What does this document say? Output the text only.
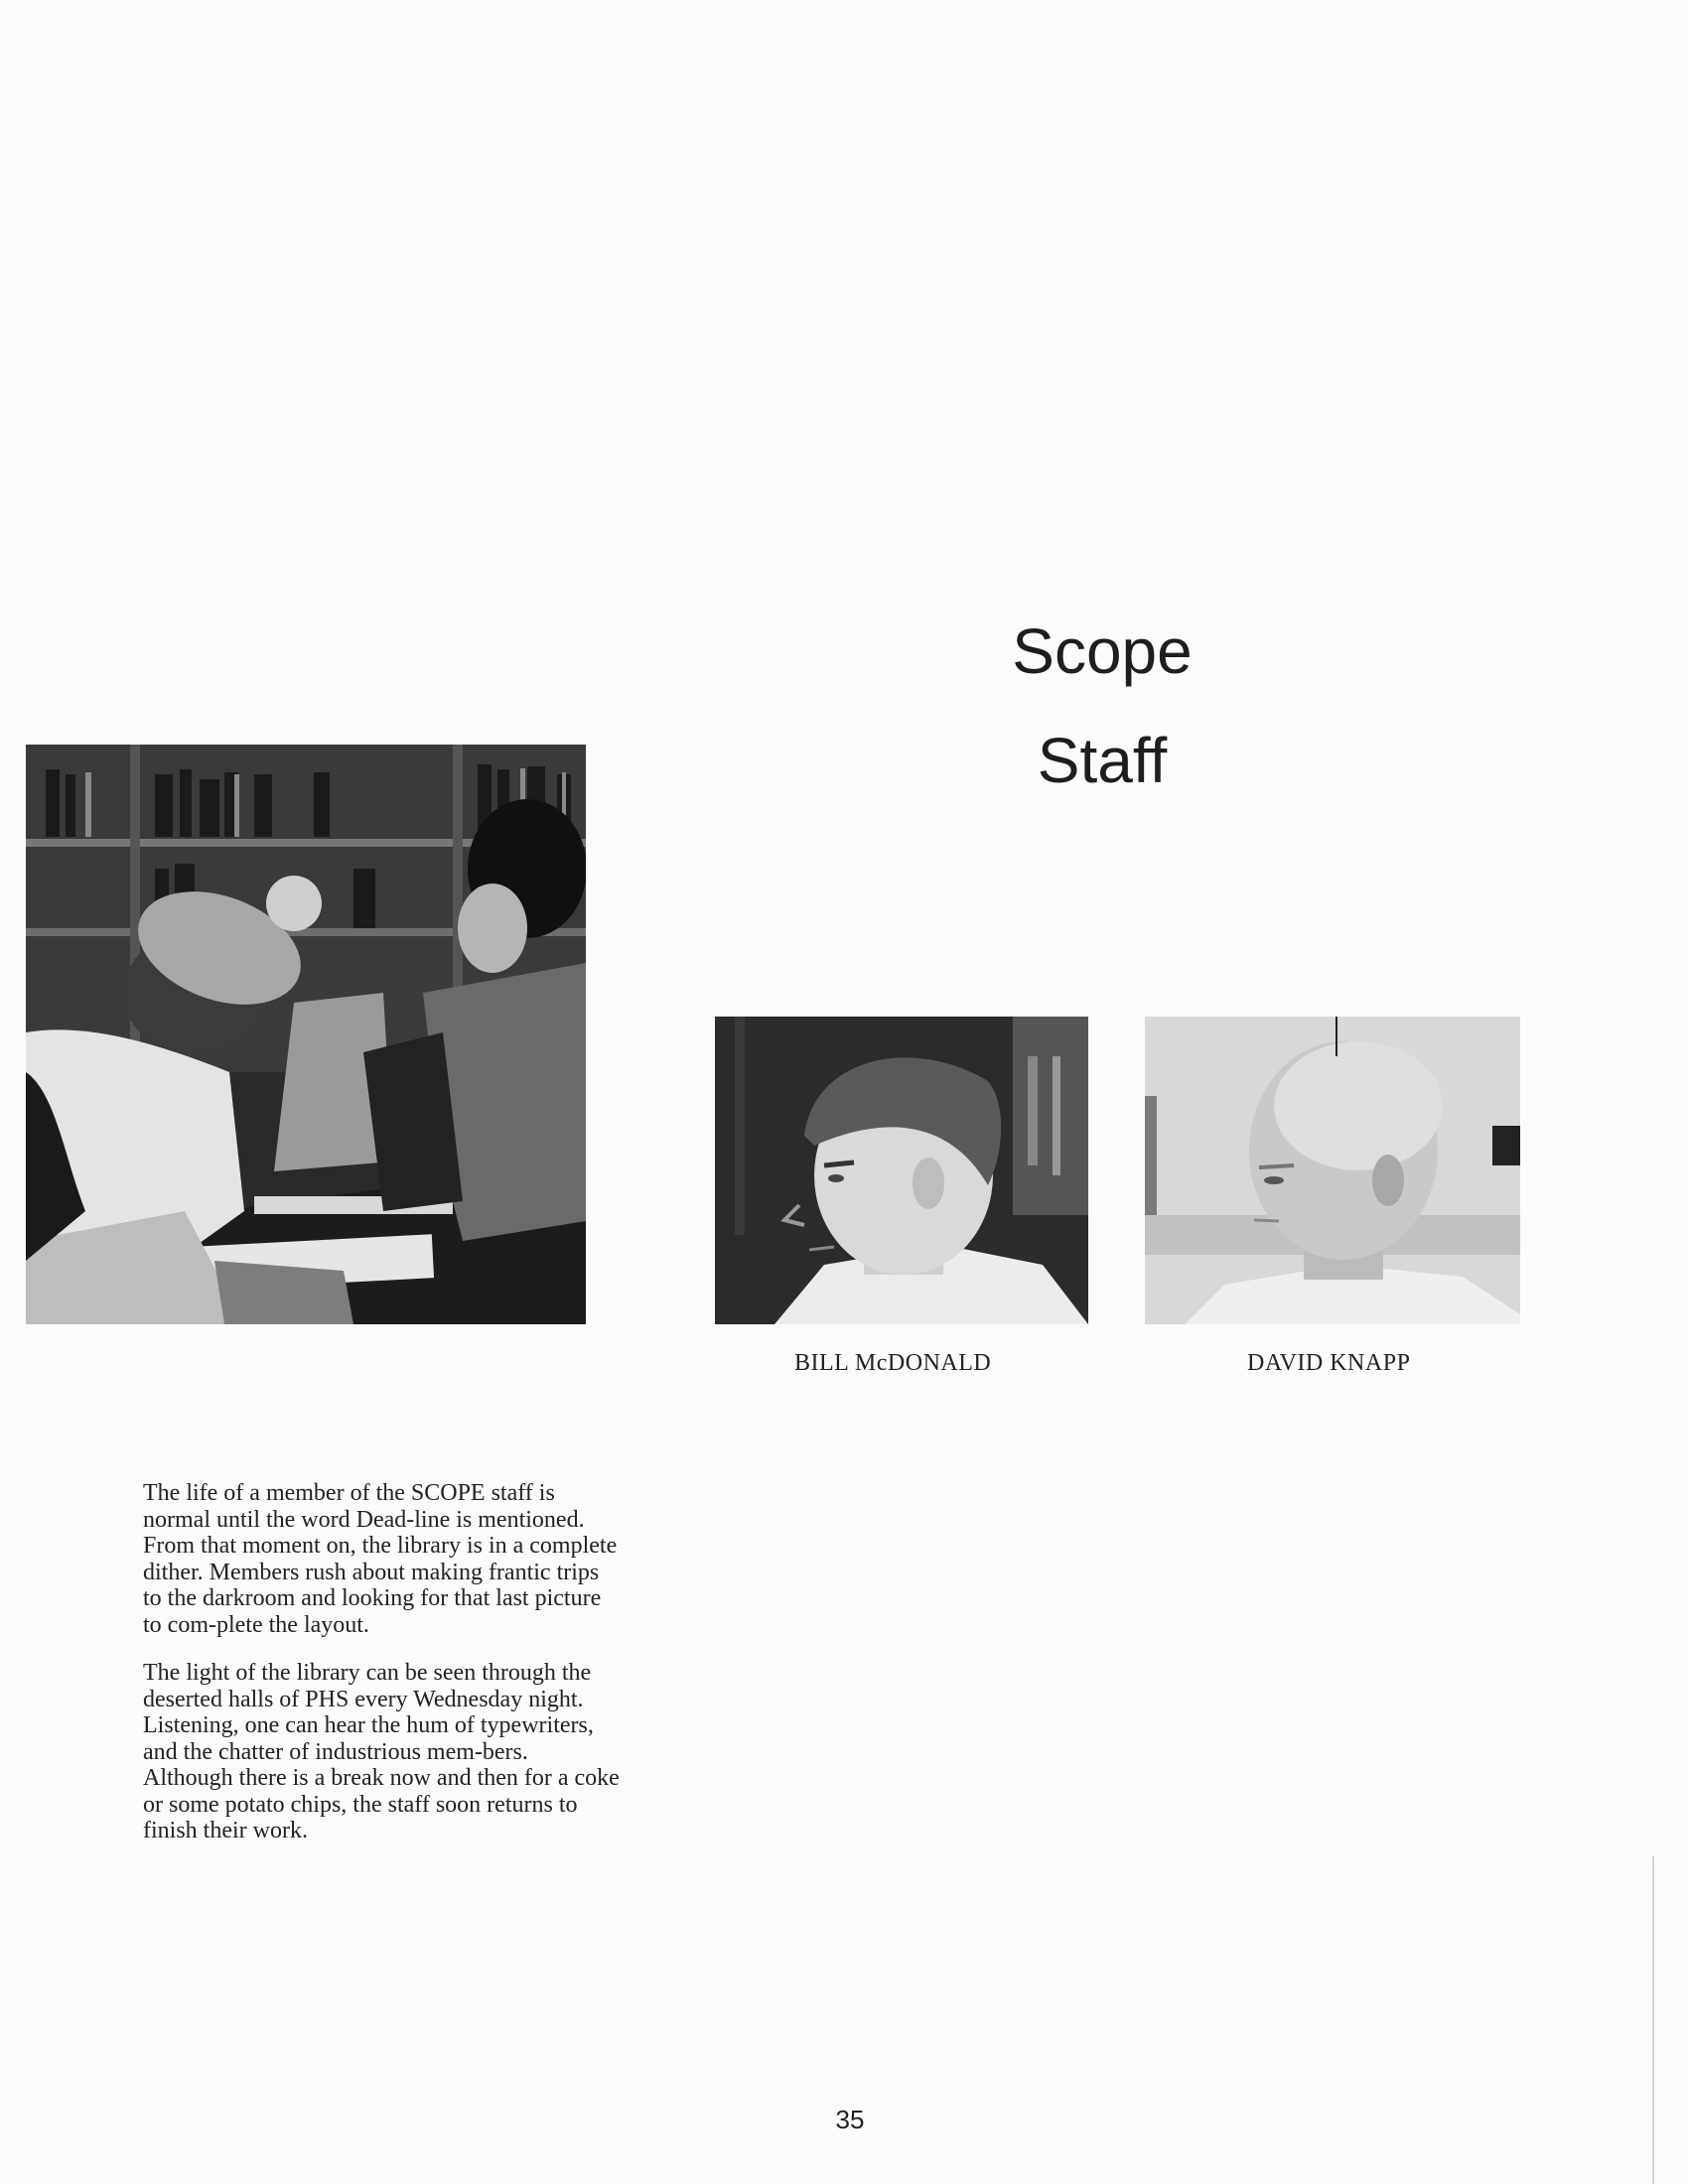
Scope
Staff
BILL McDONALD	DAVID KNAPP

The life of a member of the SCOPE staff is normal until the word Dead-line is mentioned. From that moment on, the library is in a complete dither. Members rush about making frantic trips to the darkroom and looking for that last picture to com-plete the layout.

The light of the library can be seen through the deserted halls of PHS every Wednesday night. Listening, one can hear the hum of typewriters, and the chatter of industrious mem-bers. Although there is a break now and then for a coke or some potato chips, the staff soon returns to finish their work.

35
